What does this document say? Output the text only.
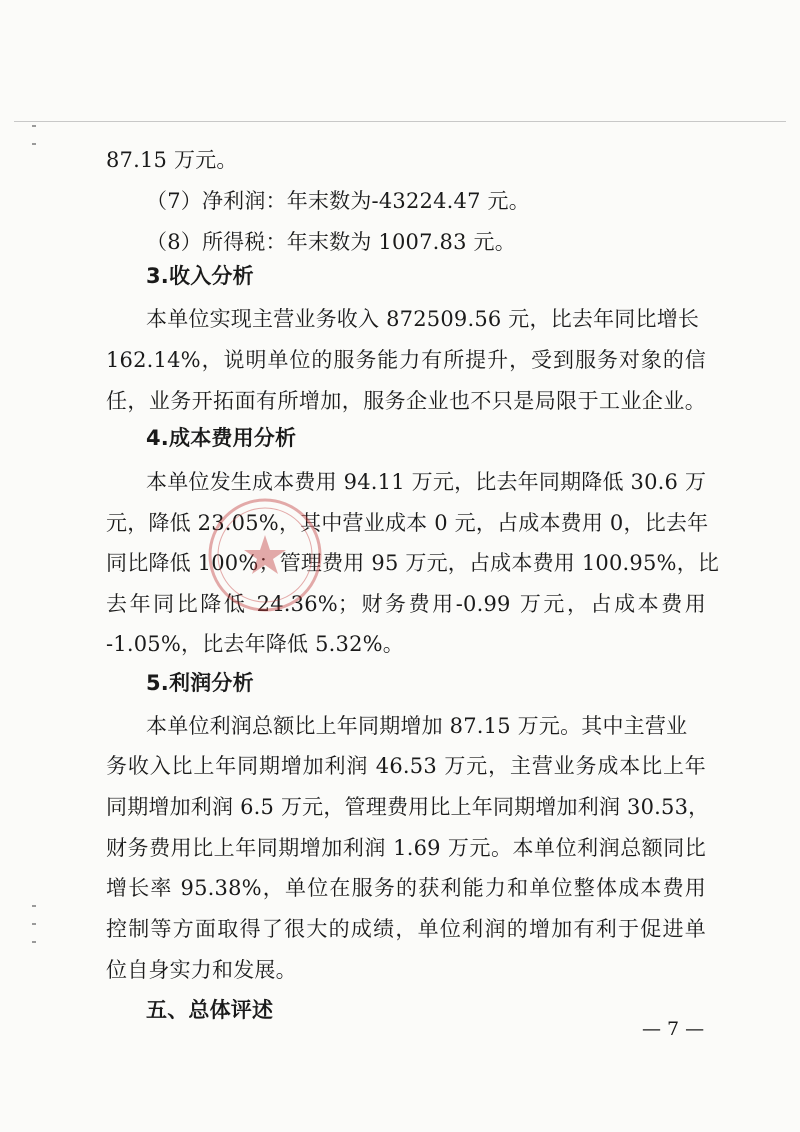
87.15 万元。
（7）净利润：年末数为-43224.47 元。
（8）所得税：年末数为 1007.83 元。
3.收入分析
本单位实现主营业务收入 872509.56 元，比去年同比增长
162.14%，说明单位的服务能力有所提升，受到服务对象的信
任，业务开拓面有所增加，服务企业也不只是局限于工业企业。
4.成本费用分析
本单位发生成本费用 94.11 万元，比去年同期降低 30.6 万
元，降低 23.05%，其中营业成本 0 元，占成本费用 0，比去年
同比降低 100%；管理费用 95 万元，占成本费用 100.95%，比
去年同比降低 24.36%；财务费用-0.99 万元，占成本费用
-1.05%，比去年降低 5.32%。
5.利润分析
本单位利润总额比上年同期增加 87.15 万元。其中主营业
务收入比上年同期增加利润 46.53 万元，主营业务成本比上年
同期增加利润 6.5 万元，管理费用比上年同期增加利润 30.53，
财务费用比上年同期增加利润 1.69 万元。本单位利润总额同比
增长率 95.38%，单位在服务的获利能力和单位整体成本费用
控制等方面取得了很大的成绩，单位利润的增加有利于促进单
位自身实力和发展。
五、总体评述
— 7 —
